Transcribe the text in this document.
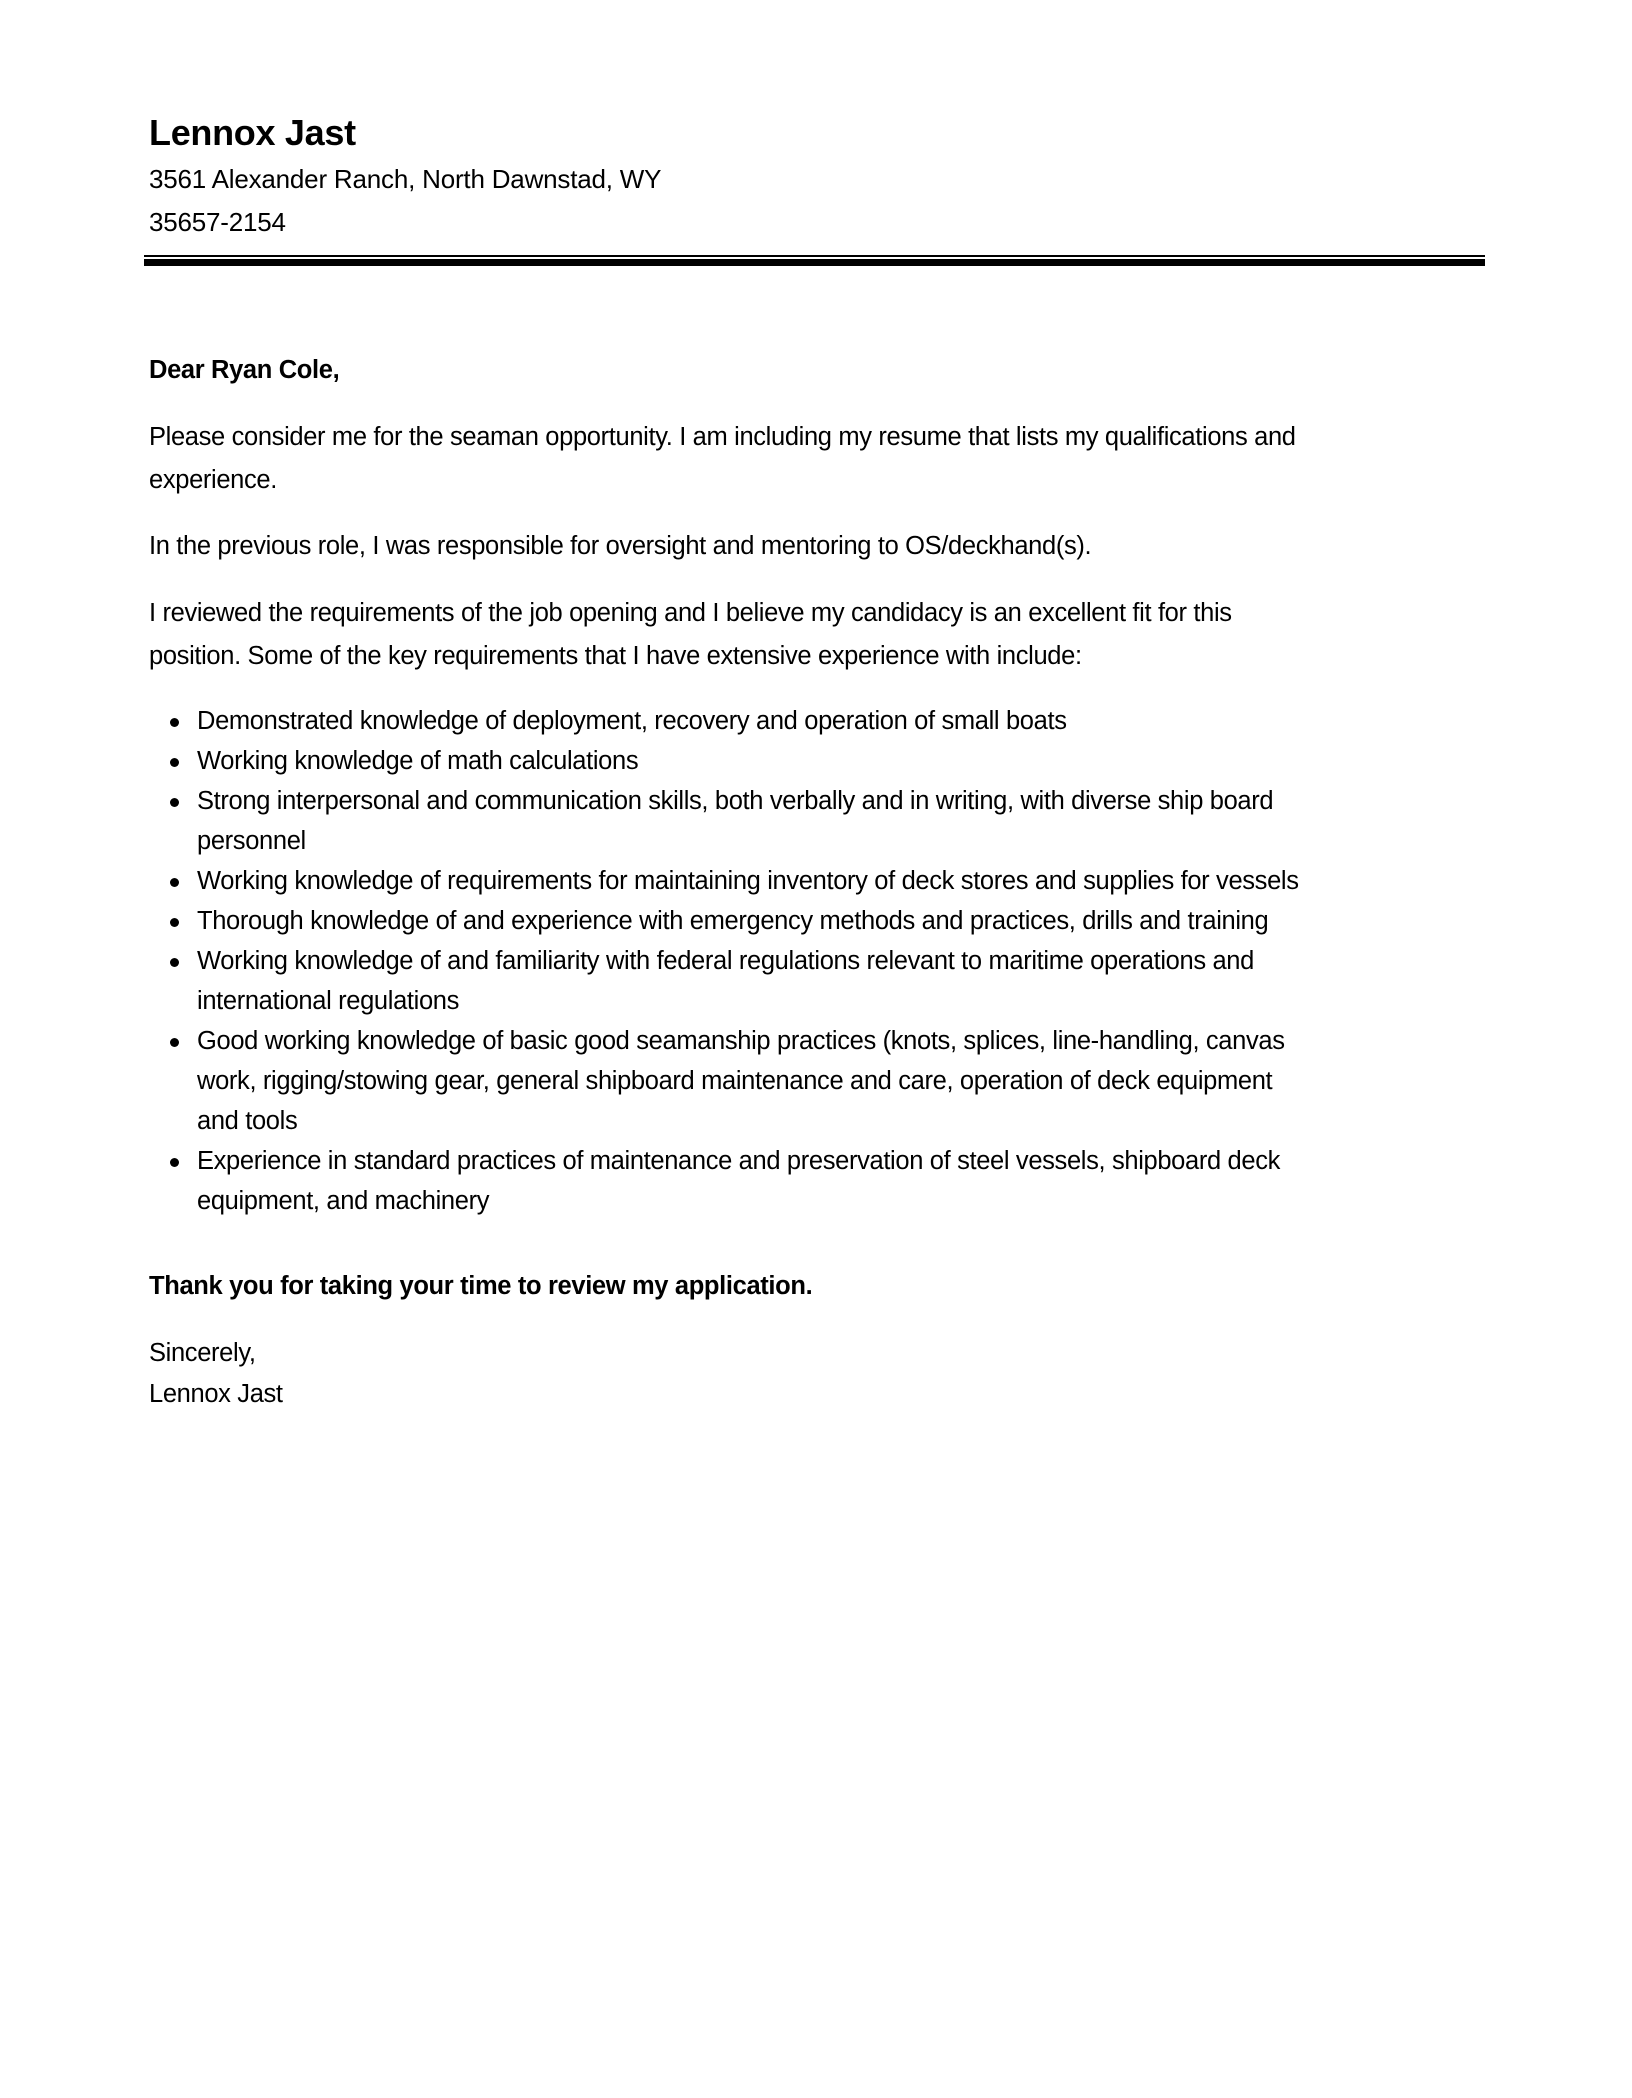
Lennox Jast
3561 Alexander Ranch, North Dawnstad, WY
35657-2154
Dear Ryan Cole,
Please consider me for the seaman opportunity. I am including my resume that lists my qualifications and
experience.
In the previous role, I was responsible for oversight and mentoring to OS/deckhand(s).
I reviewed the requirements of the job opening and I believe my candidacy is an excellent fit for this
position. Some of the key requirements that I have extensive experience with include:
Demonstrated knowledge of deployment, recovery and operation of small boats
Working knowledge of math calculations
Strong interpersonal and communication skills, both verbally and in writing, with diverse ship board
personnel
Working knowledge of requirements for maintaining inventory of deck stores and supplies for vessels
Thorough knowledge of and experience with emergency methods and practices, drills and training
Working knowledge of and familiarity with federal regulations relevant to maritime operations and
international regulations
Good working knowledge of basic good seamanship practices (knots, splices, line-handling, canvas
work, rigging/stowing gear, general shipboard maintenance and care, operation of deck equipment
and tools
Experience in standard practices of maintenance and preservation of steel vessels, shipboard deck
equipment, and machinery
Thank you for taking your time to review my application.
Sincerely,
Lennox Jast
